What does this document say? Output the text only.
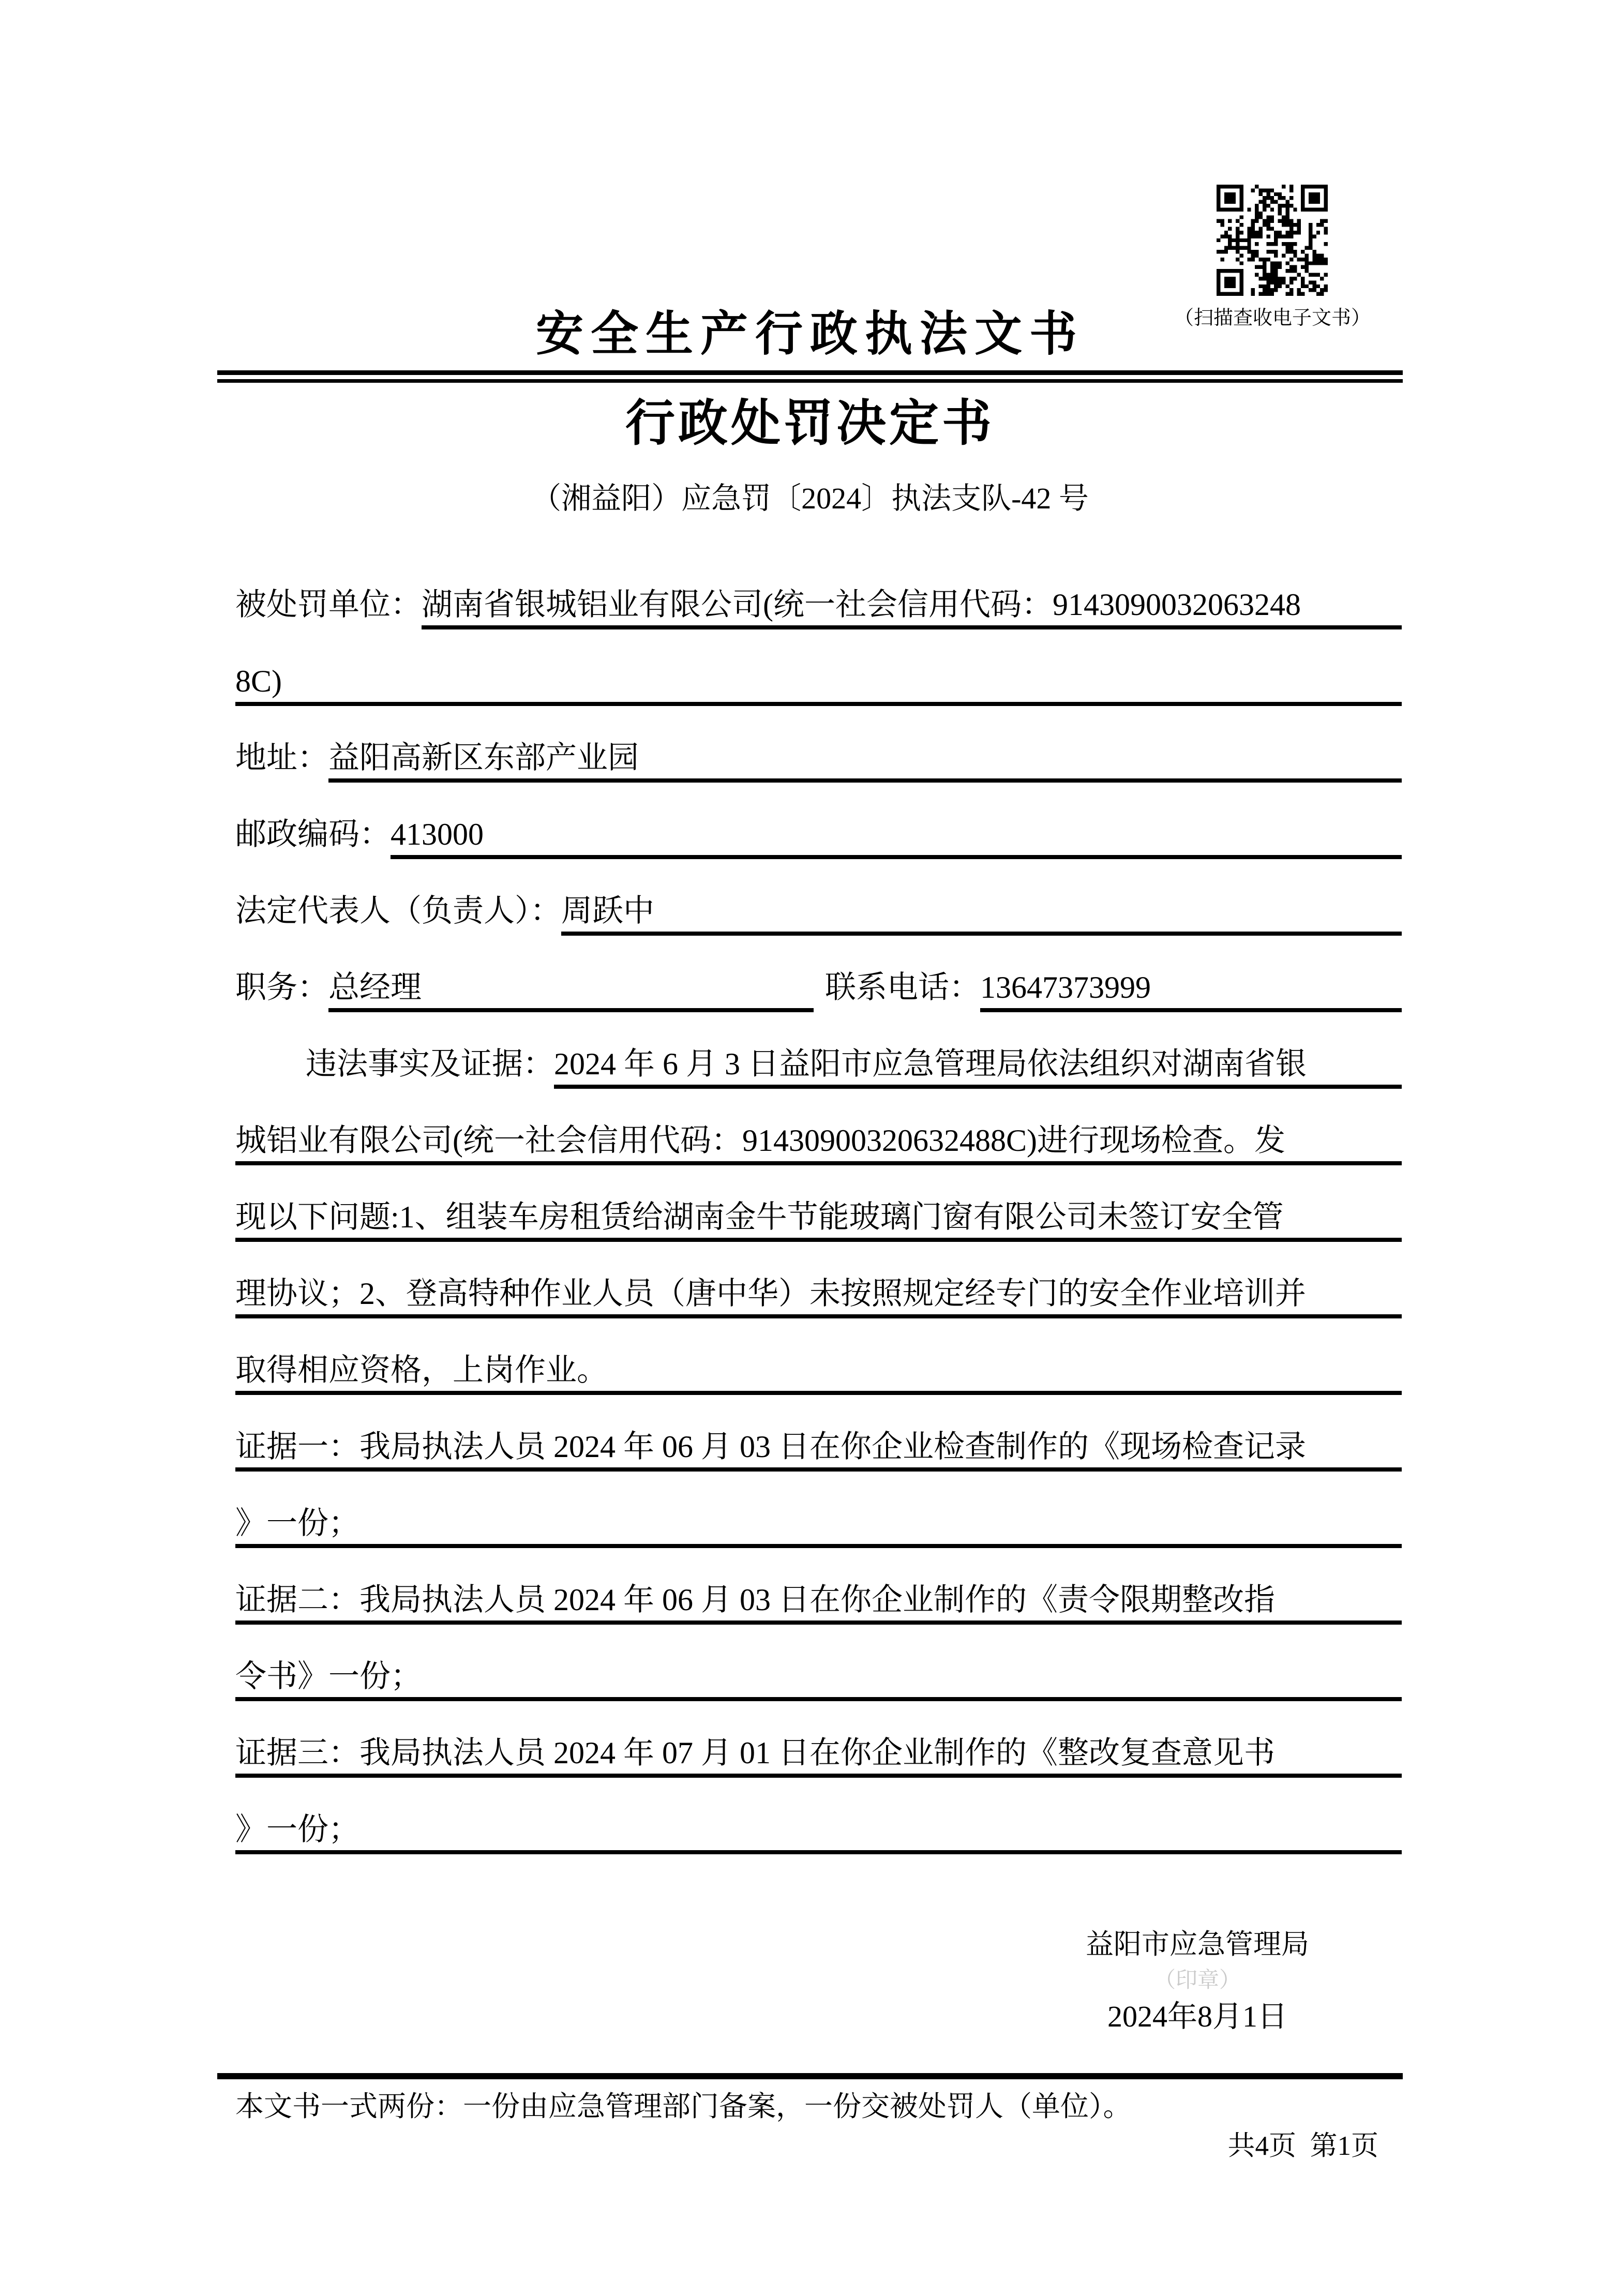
（扫描查收电子文书）
安全生产行政执法文书
行政处罚决定书
（湘益阳）应急罚〔2024〕执法支队-42 号
被处罚单位： 湖南省银城铝业有限公司(统一社会信用代码：9143090032063248
8C)
地址： 益阳高新区东部产业园
邮政编码： 413000
法定代表人（负责人）： 周跃中
职务： 总经理	联系电话： 13647373999
违法事实及证据： 2024 年 6 月 3 日益阳市应急管理局依法组织对湖南省银
城铝业有限公司(统一社会信用代码：91430900320632488C)进行现场检查。发
现以下问题:1、组装车房租赁给湖南金牛节能玻璃门窗有限公司未签订安全管
理协议；2、登高特种作业人员（唐中华）未按照规定经专门的安全作业培训并
取得相应资格，上岗作业。
证据一：我局执法人员 2024 年 06 月 03 日在你企业检查制作的《现场检查记录
》一份；
证据二：我局执法人员 2024 年 06 月 03 日在你企业制作的《责令限期整改指
令书》一份；
证据三：我局执法人员 2024 年 07 月 01 日在你企业制作的《整改复查意见书
》一份；
益阳市应急管理局
（印章）
2024年8月1日
本文书一式两份：一份由应急管理部门备案，一份交被处罚人（单位）。
共4页  第1页
